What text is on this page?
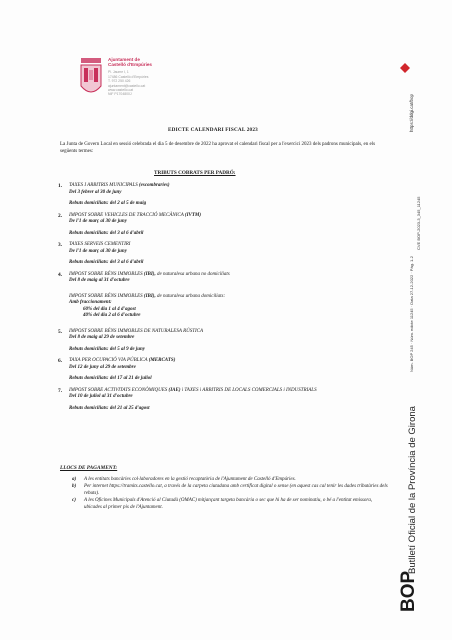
Ajuntament de
Castelló d'Empúries
Pl. Jaume I, 1
17486 Castelló d'Empúries
T. 972 250 426
ajuntament@castello.cat
www.castello.cat
NIF P1704800J	https://ddgi.cat/bop
Núm. BOP 245 · Núm. edicte 11245 · Data 27-12-2022 · Pàg. 1-2
CVE BOP-2023-3_345_11245
Butlletí Oficial de la Província de Girona
BOP
EDICTE CALENDARI FISCAL 2023
La Junta de Govern Local en sessió celebrada el dia 5 de desembre de 2022 ha aprovat el calendari fiscal per a l'exercici 2023 dels padrons municipals, en els següents termes:
TRIBUTS COBRATS PER PADRÓ:
1. TAXES I ARBITRIS MUNICIPALS (escombraries)
Del 3 febrer al 30 de juny
Rebuts domiciliats: del 2 al 5 de maig
2. IMPOST SOBRE VEHICLES DE TRACCIÓ MECÀNICA (IVTM)
De l'1 de març al 30 de juny
Rebuts domiciliats: del 3 al 6 d'abril
3. TAXES SERVEIS CEMENTIRI
De l'1 de març al 30 de juny
Rebuts domiciliats: del 3 al 6 d'abril
4. IMPOST SOBRE BÉNS IMMOBLES (IBI), de naturalesa urbana no domiciliats
Del 8 de maig al 31 d'octubre
IMPOST SOBRE BÉNS IMMOBLES (IBI), de naturalesa urbana domiciliats:
Amb fraccionament:
60% del dia 1 al 4 d'agost
40% del dia 2 al 6 d'octubre
5. IMPOST SOBRE BÉNS IMMOBLES DE NATURALESA RÚSTICA
Del 8 de maig al 29 de setembre
Rebuts domiciliats: del 5 al 9 de juny
6. TAXA PER OCUPACIÓ VIA PÚBLICA (MERCATS)
Del 12 de juny al 29 de setembre
Rebuts domiciliats: del 17 al 21 de juliol
7. IMPOST SOBRE ACTIVITATS ECONÒMIQUES (IAE) i TAXES i ARBITRIS DE LOCALS COMERCIALS i INDUSTRIALS
Del 10 de juliol al 31 d'octubre
Rebuts domiciliats: del 21 al 25 d'agost
LLOCS DE PAGAMENT:
a) A les entitats bancàries col·laboradores en la gestió recaptatòria de l'Ajuntament de Castelló d'Empúries.
b) Per internet https://tramits.castello.cat, a través de la carpeta ciutadana amb certificat digital o sense (en aquest cas cal tenir les dades tributàries dels rebuts).
c) A les Oficines Municipals d'Atenció al Ciutadà (OMAC) mitjançant targeta bancària o sec que hi ha de ser nominatiu, o bé a l'entitat emissora, ubicades al primer pis de l'Ajuntament.
